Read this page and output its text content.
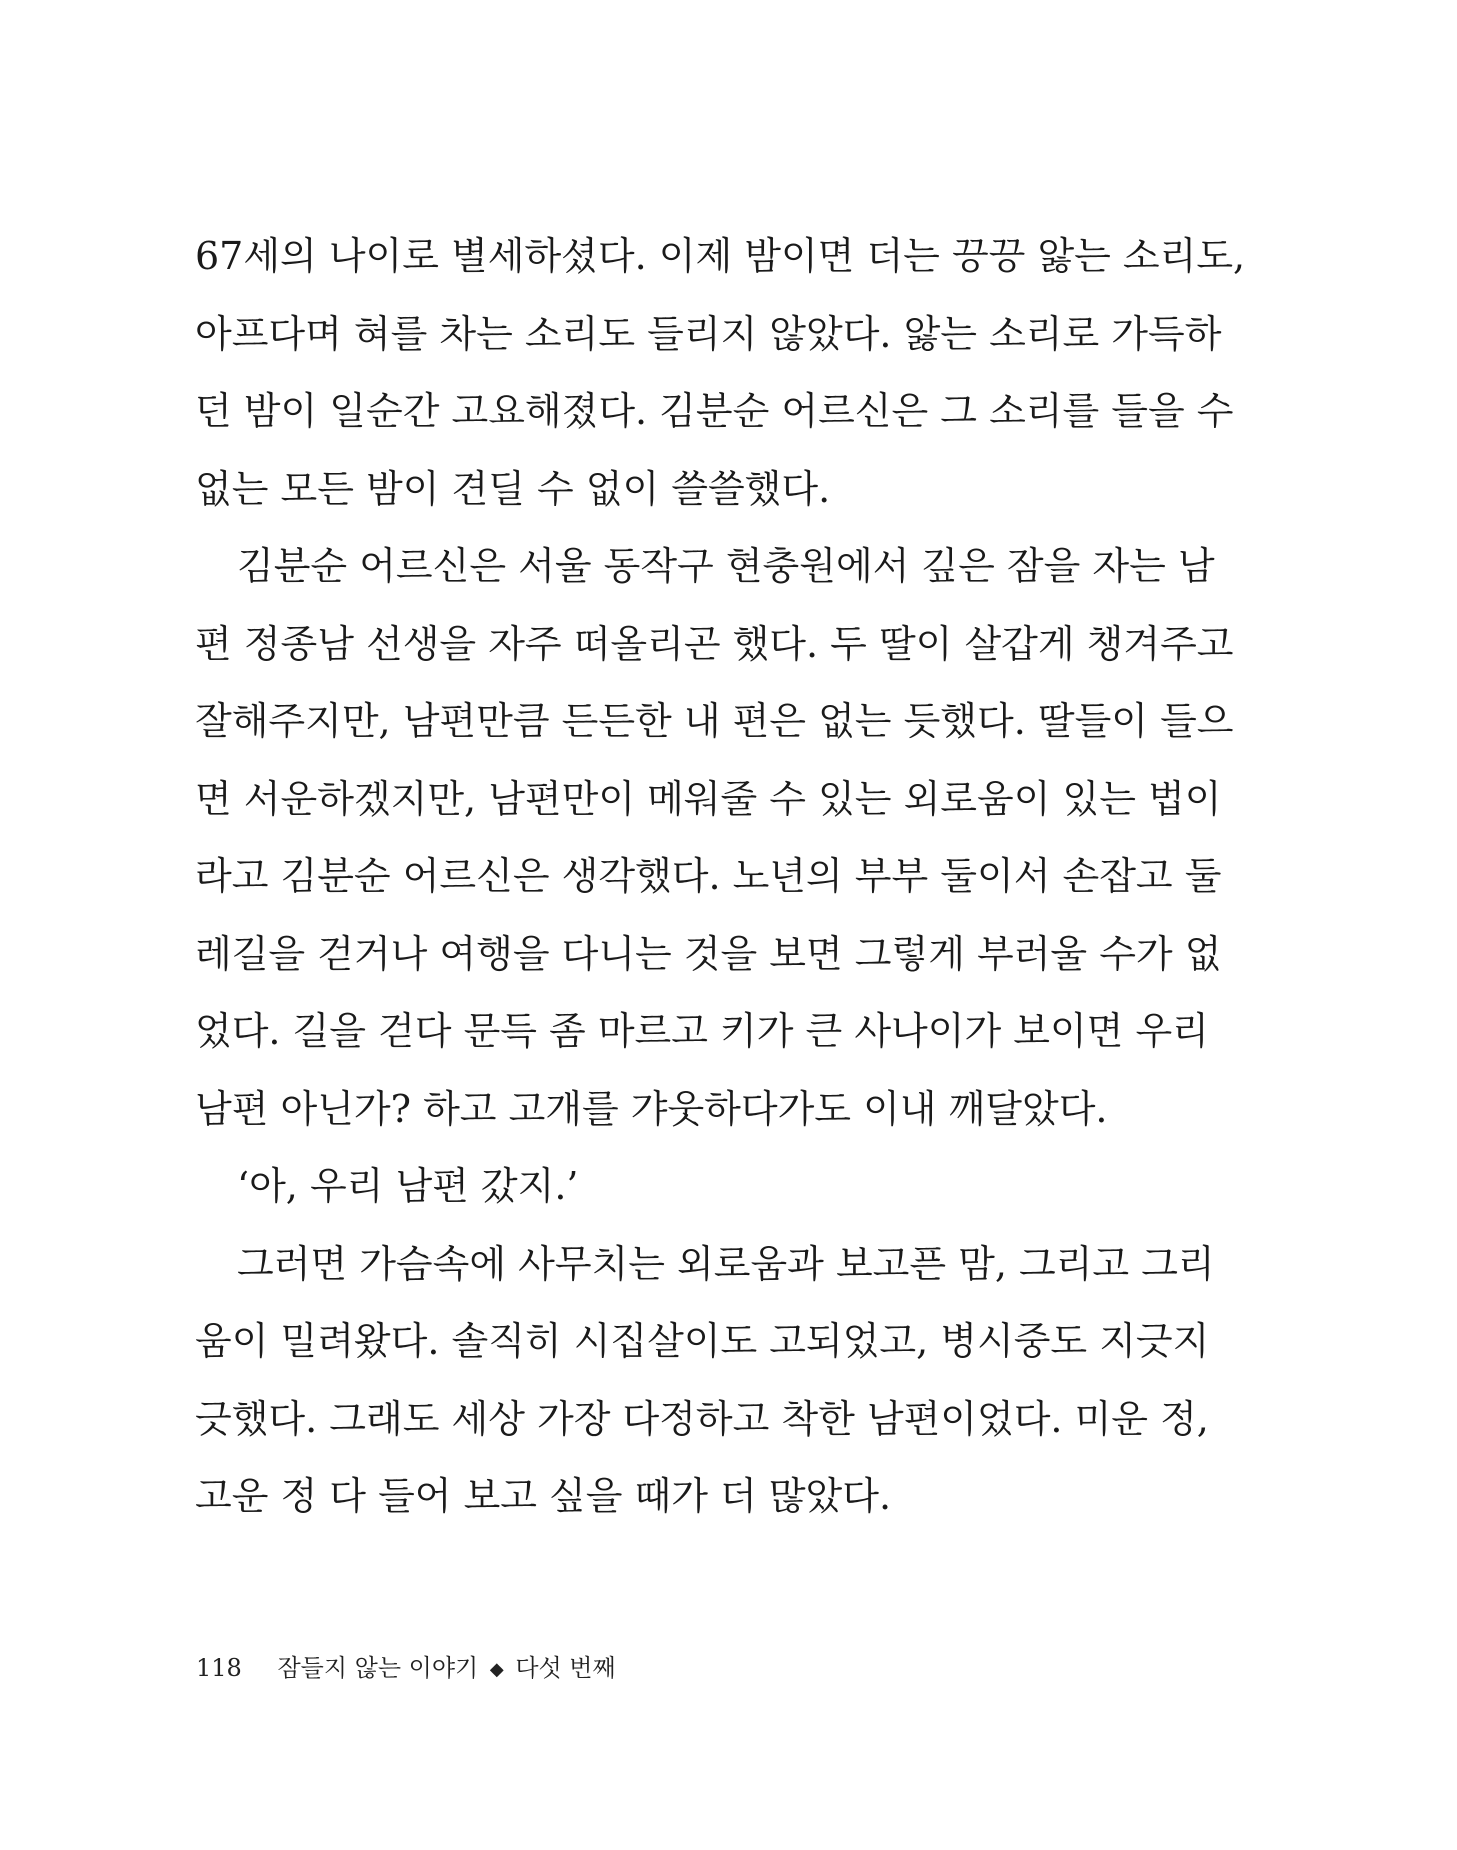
67세의 나이로 별세하셨다. 이제 밤이면 더는 끙끙 앓는 소리도,
아프다며 혀를 차는 소리도 들리지 않았다. 앓는 소리로 가득하
던 밤이 일순간 고요해졌다. 김분순 어르신은 그 소리를 들을 수
없는 모든 밤이 견딜 수 없이 쓸쓸했다.
김분순 어르신은 서울 동작구 현충원에서 깊은 잠을 자는 남
편 정종남 선생을 자주 떠올리곤 했다. 두 딸이 살갑게 챙겨주고
잘해주지만, 남편만큼 든든한 내 편은 없는 듯했다. 딸들이 들으
면 서운하겠지만, 남편만이 메워줄 수 있는 외로움이 있는 법이
라고 김분순 어르신은 생각했다. 노년의 부부 둘이서 손잡고 둘
레길을 걷거나 여행을 다니는 것을 보면 그렇게 부러울 수가 없
었다. 길을 걷다 문득 좀 마르고 키가 큰 사나이가 보이면 우리
남편 아닌가? 하고 고개를 갸웃하다가도 이내 깨달았다.
‘아, 우리 남편 갔지.’
그러면 가슴속에 사무치는 외로움과 보고픈 맘, 그리고 그리
움이 밀려왔다. 솔직히 시집살이도 고되었고, 병시중도 지긋지
긋했다. 그래도 세상 가장 다정하고 착한 남편이었다. 미운 정,
고운 정 다 들어 보고 싶을 때가 더 많았다.
118 잠들지 않는 이야기 ◆ 다섯 번째
